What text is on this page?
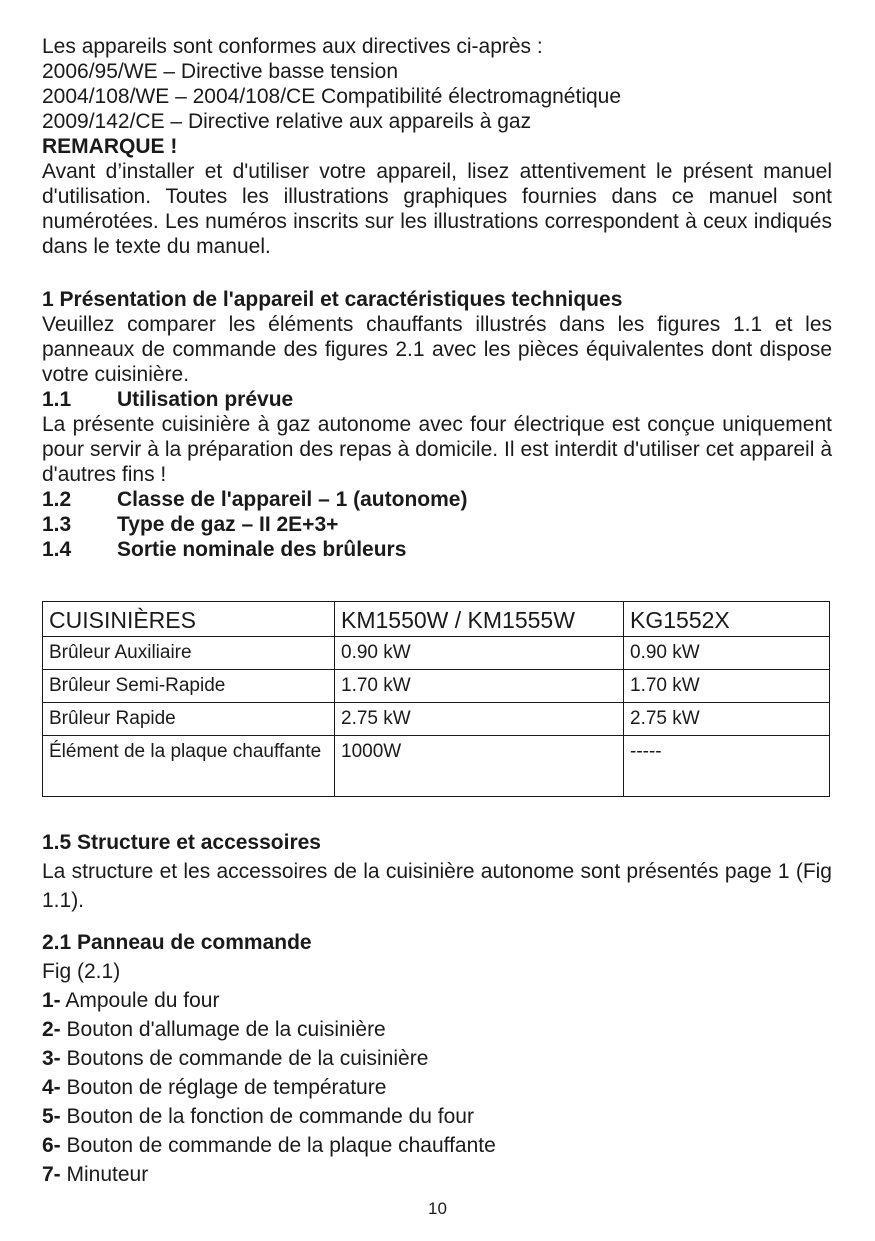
Les appareils sont conformes aux directives ci-après :

2006/95/WE – Directive basse tension

2004/108/WE – 2004/108/CE Compatibilité électromagnétique

2009/142/CE – Directive relative aux appareils à gaz

REMARQUE !

Avant d’installer et d'utiliser votre appareil, lisez attentivement le présent manuel d'utilisation. Toutes les illustrations graphiques fournies dans ce manuel sont numérotées. Les numéros inscrits sur les illustrations correspondent à ceux indiqués dans le texte du manuel.

1 Présentation de l'appareil et caractéristiques techniques

Veuillez comparer les éléments chauffants illustrés dans les figures 1.1 et les panneaux de commande des figures 2.1 avec les pièces équivalentes dont dispose votre cuisinière.

1.1	Utilisation prévue

La présente cuisinière à gaz autonome avec four électrique est conçue uniquement pour servir à la préparation des repas à domicile. Il est interdit d'utiliser cet appareil à d'autres fins !

1.2	Classe de l'appareil – 1 (autonome)
1.3	Type de gaz – II 2E+3+
1.4	Sortie nominale des brûleurs
CUISINIÈRES	KM1550W / KM1555W	KG1552X
Brûleur Auxiliaire	0.90 kW	0.90 kW
Brûleur Semi-Rapide	1.70 kW	1.70 kW
Brûleur Rapide	2.75 kW	2.75 kW
Élément de la plaque chauffante	1000W	-----

1.5 Structure et accessoires

La structure et les accessoires de la cuisinière autonome sont présentés page 1 (Fig 1.1).

2.1 Panneau de commande

Fig (2.1)

1- Ampoule du four

2- Bouton d'allumage de la cuisinière

3- Boutons de commande de la cuisinière

4- Bouton de réglage de température

5- Bouton de la fonction de commande du four

6- Bouton de commande de la plaque chauffante

7- Minuteur

10
